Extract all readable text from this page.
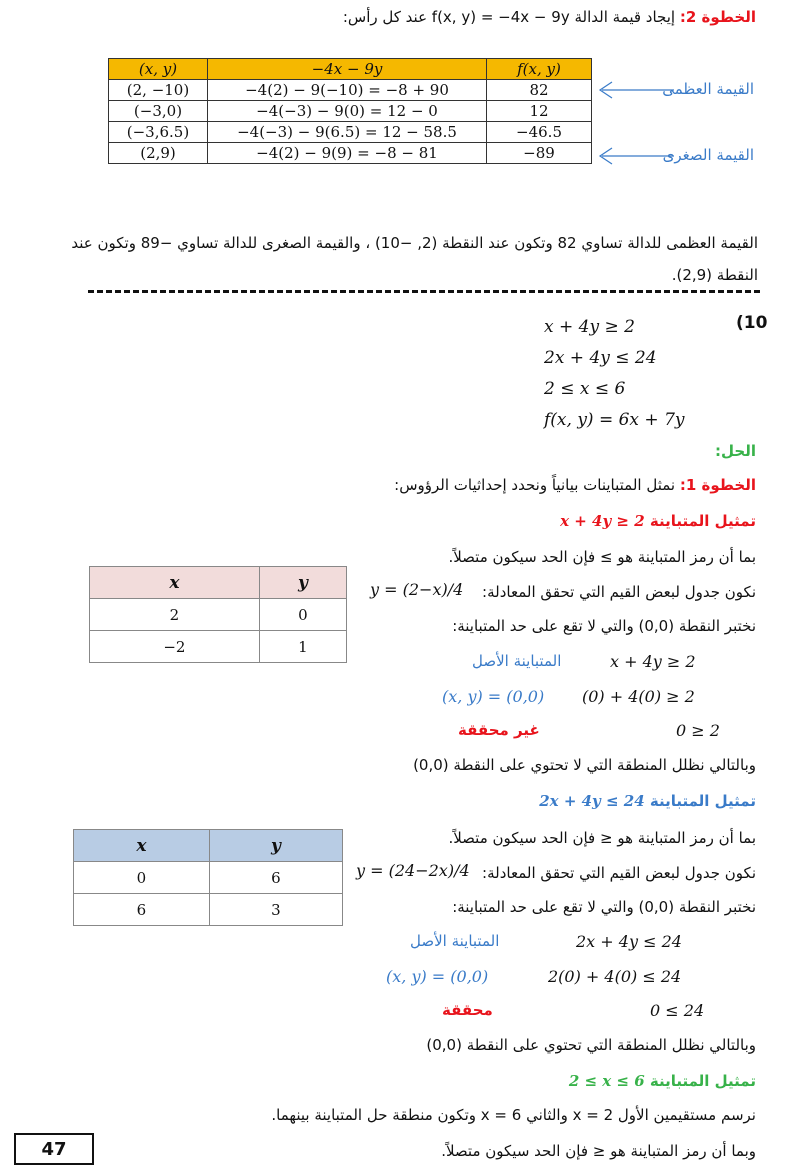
الخطوة 2: إيجاد قيمة الدالة f(x, y) = −4x − 9y عند كل رأس:
(x, y)	−4x − 9y	f(x, y)
(2, −10)	−4(2) − 9(−10) = −8 + 90	82
(−3,0)	−4(−3) − 9(0) = 12 − 0	12
(−3,6.5)	−4(−3) − 9(6.5) = 12 − 58.5	−46.5
(2,9)	−4(2) − 9(9) = −8 − 81	−89
القيمة العظمى
القيمة الصغرى
القيمة العظمى للدالة تساوي 82 وتكون عند النقطة (2, −10) ، والقيمة الصغرى للدالة تساوي −89 وتكون عند
النقطة (2,9).
(10
x + 4y ≥ 2
2x + 4y ≤ 24
2 ≤ x ≤ 6
f(x, y) = 6x + 7y
الحل:
الخطوة 1: نمثل المتباينات بيانياً ونحدد إحداثيات الرؤوس:
تمثيل المتباينة x + 4y ≥ 2
بما أن رمز المتباينة هو ≥ فإن الحد سيكون متصلاً.
نكون جدول لبعض القيم التي تحقق المعادلة:
y = (2−x)/4
نختبر النقطة (0,0) والتي لا تقع على حد المتباينة:
المتباينة الأصل	x + 4y ≥ 2
(x, y) = (0,0) (0) + 4(0) ≥ 2
غير محققة	0 ≥ 2
وبالتالي نظلل المنطقة التي لا تحتوي على النقطة (0,0)
x	y
2	0
−2	1
تمثيل المتباينة 2x + 4y ≤ 24
بما أن رمز المتباينة هو ≤ فإن الحد سيكون متصلاً.
نكون جدول لبعض القيم التي تحقق المعادلة:
y = (24−2x)/4
نختبر النقطة (0,0) والتي لا تقع على حد المتباينة:
المتباينة الأصل	2x + 4y ≤ 24
(x, y) = (0,0)	2(0) + 4(0) ≤ 24
محققة	0 ≤ 24
وبالتالي نظلل المنطقة التي تحتوي على النقطة (0,0)
x	y
0	6
6	3
تمثيل المتباينة 2 ≤ x ≤ 6
نرسم مستقيمين الأول x = 2 والثاني x = 6 وتكون منطقة حل المتباينة بينهما.
وبما أن رمز المتباينة هو ≤ فإن الحد سيكون متصلاً.
47
